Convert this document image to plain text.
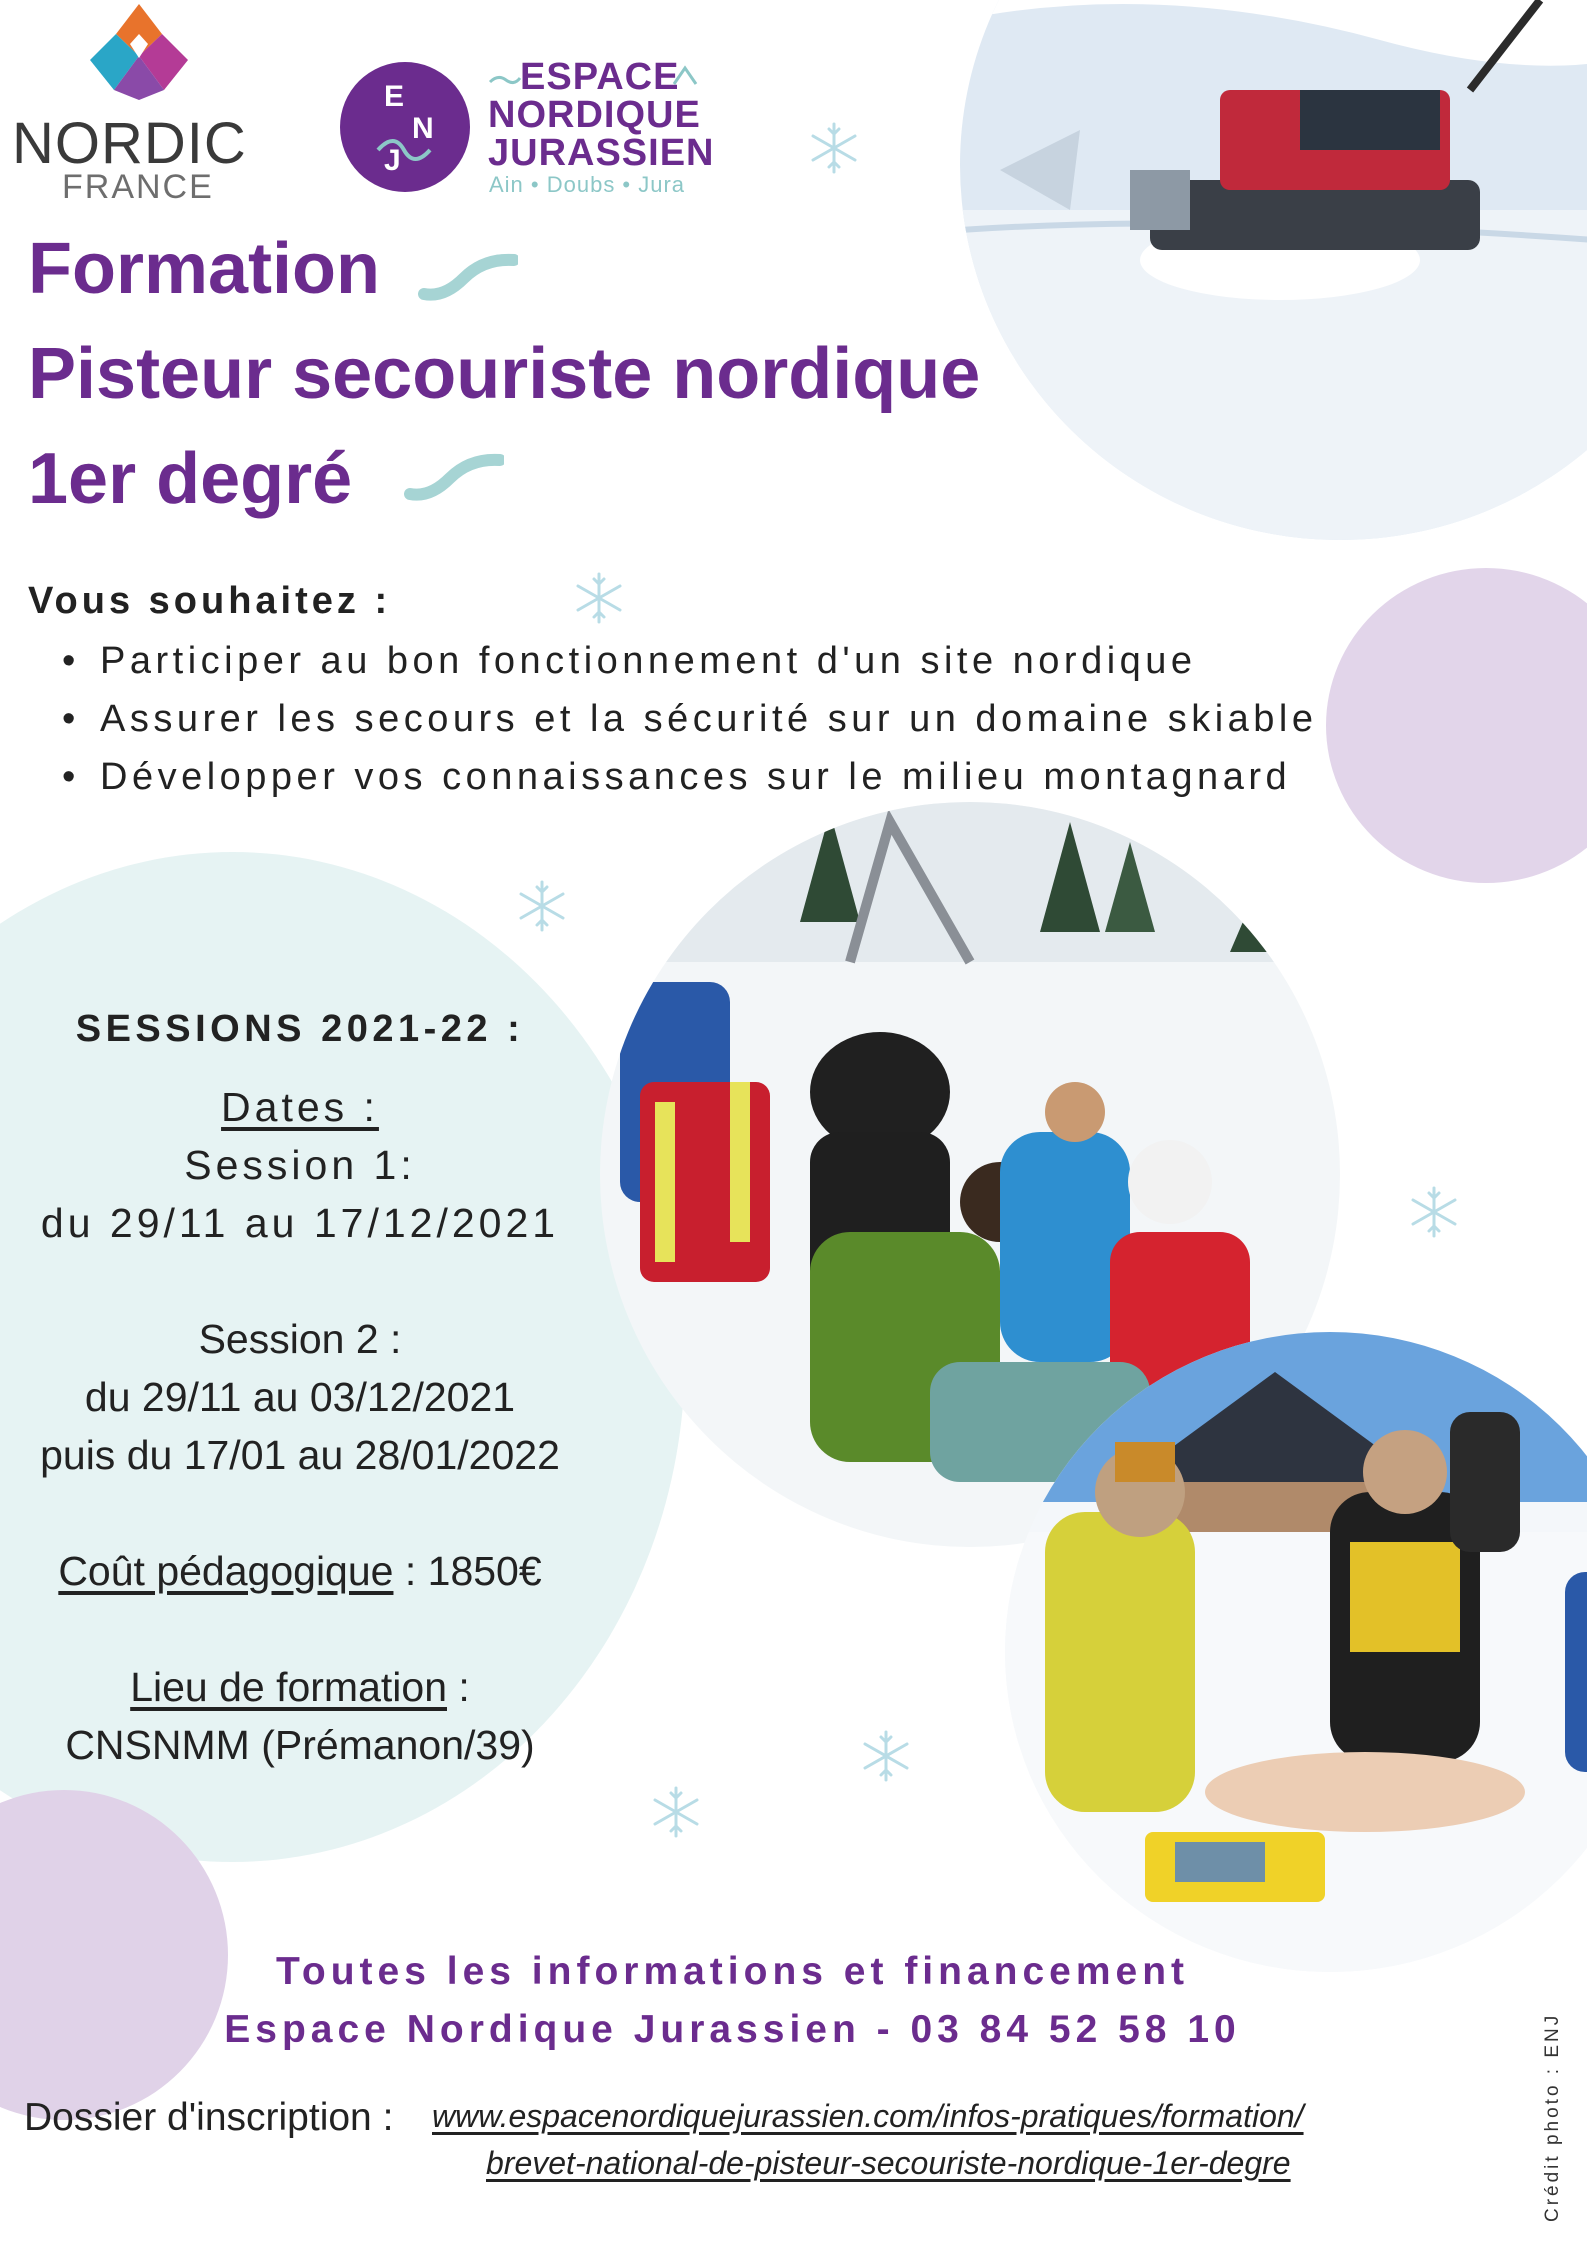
NORDIC
FRANCE
E
N
J
ESPACE
NORDIQUE
JURASSIEN
Ain • Doubs • Jura
Formation
Pisteur secouriste nordique
1er degré
Vous souhaitez :
• Participer au bon fonctionnement d'un site nordique
• Assurer les secours et la sécurité sur un domaine skiable
• Développer vos connaissances sur le milieu montagnard
SESSIONS 2021-22 :
Dates :
Session 1:
du 29/11 au 17/12/2021
Session 2 :
du 29/11 au 03/12/2021
puis du 17/01 au 28/01/2022
Coût pédagogique : 1850€
Lieu de formation :
CNSNMM (Prémanon/39)
Toutes les informations et financement
Espace Nordique Jurassien - 03 84 52 58 10
Dossier d'inscription : www.espacenordiquejurassien.com/infos-pratiques/formation/
brevet-national-de-pisteur-secouriste-nordique-1er-degre	Crédit photo : ENJ
